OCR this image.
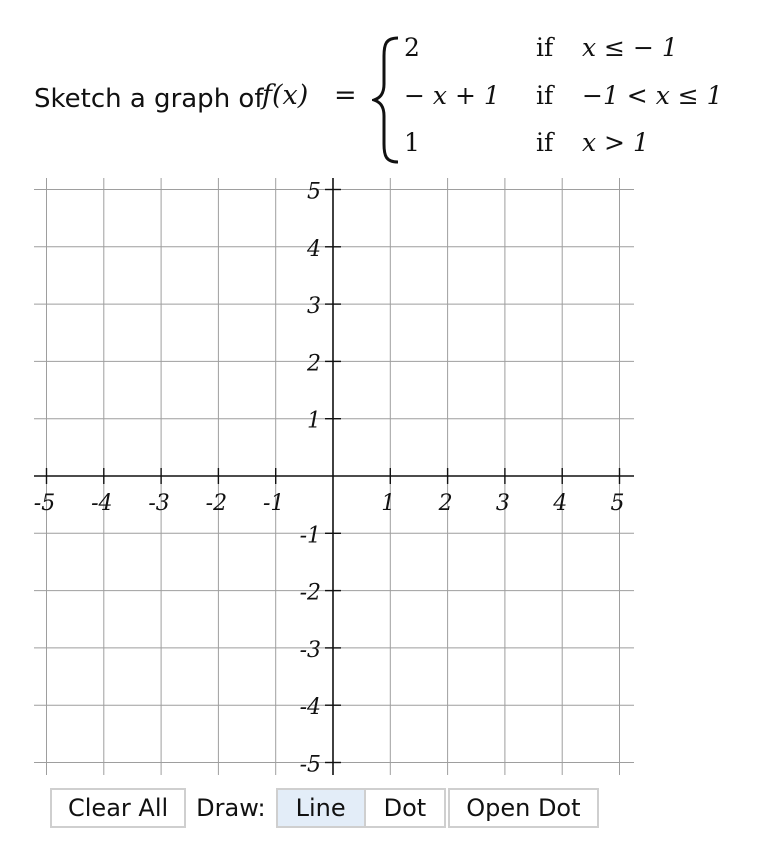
Sketch a graph of
f(x) =
2	if x ≤ − 1
− x + 1 if −1 < x ≤ 1
1	if x > 1
-5 -4 -3 -2 -1	1 2 3 4 5
5
4
3
2
1
-1
-2
-3
-4
-5
Clear All	Draw:	Line	Dot	Open Dot
